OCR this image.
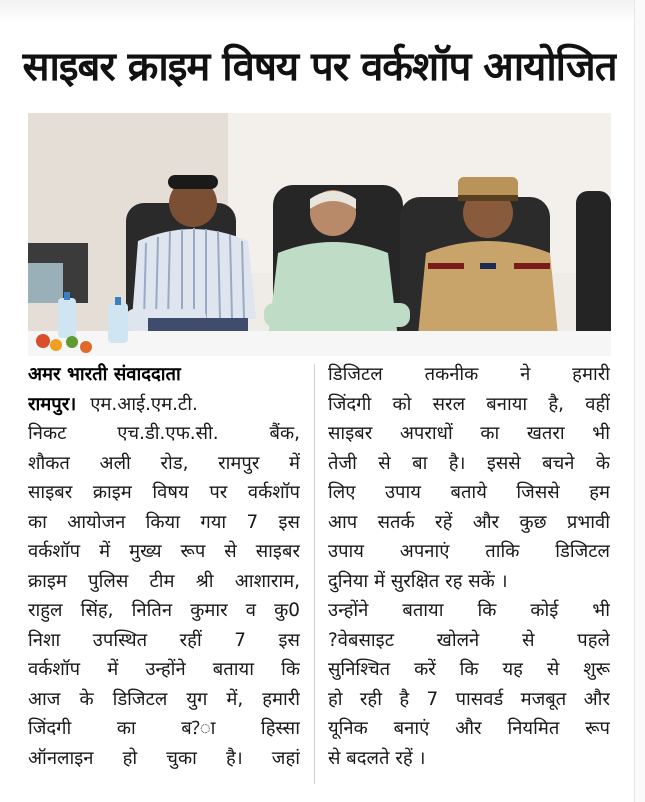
साइबर क्राइम विषय पर वर्कशॉप आयोजित
अमर भारती संवाददाता
रामपुर। एम.आई.एम.टी.
निकट एच.डी.एफ.सी. बैंक,
शौकत अली रोड, रामपुर में
साइबर क्राइम विषय पर वर्कशॉप
का आयोजन किया गया 7 इस
वर्कशॉप में मुख्य रूप से साइबर
क्राइम पुलिस टीम श्री आशाराम,
राहुल सिंह, नितिन कुमार व कु0
निशा उपस्थित रहीं 7 इस
वर्कशॉप में उन्होंने बताया कि
आज के डिजिटल युग में, हमारी
जिंदगी का ब?ा हिस्सा
ऑनलाइन हो चुका है। जहां
डिजिटल तकनीक ने हमारी
जिंदगी को सरल बनाया है, वहीं
साइबर अपराधों का खतरा भी
तेजी से बा है। इससे बचने के
लिए उपाय बताये जिससे हम
आप सतर्क रहें और कुछ प्रभावी
उपाय अपनाएं ताकि डिजिटल
दुनिया में सुरक्षित रह सकें ।
उन्होंने बताया कि कोई भी
?वेबसाइट खोलने से पहले
सुनिश्चित करें कि यह से शुरू
हो रही है 7 पासवर्ड मजबूत और
यूनिक बनाएं और नियमित रूप
से बदलते रहें ।
